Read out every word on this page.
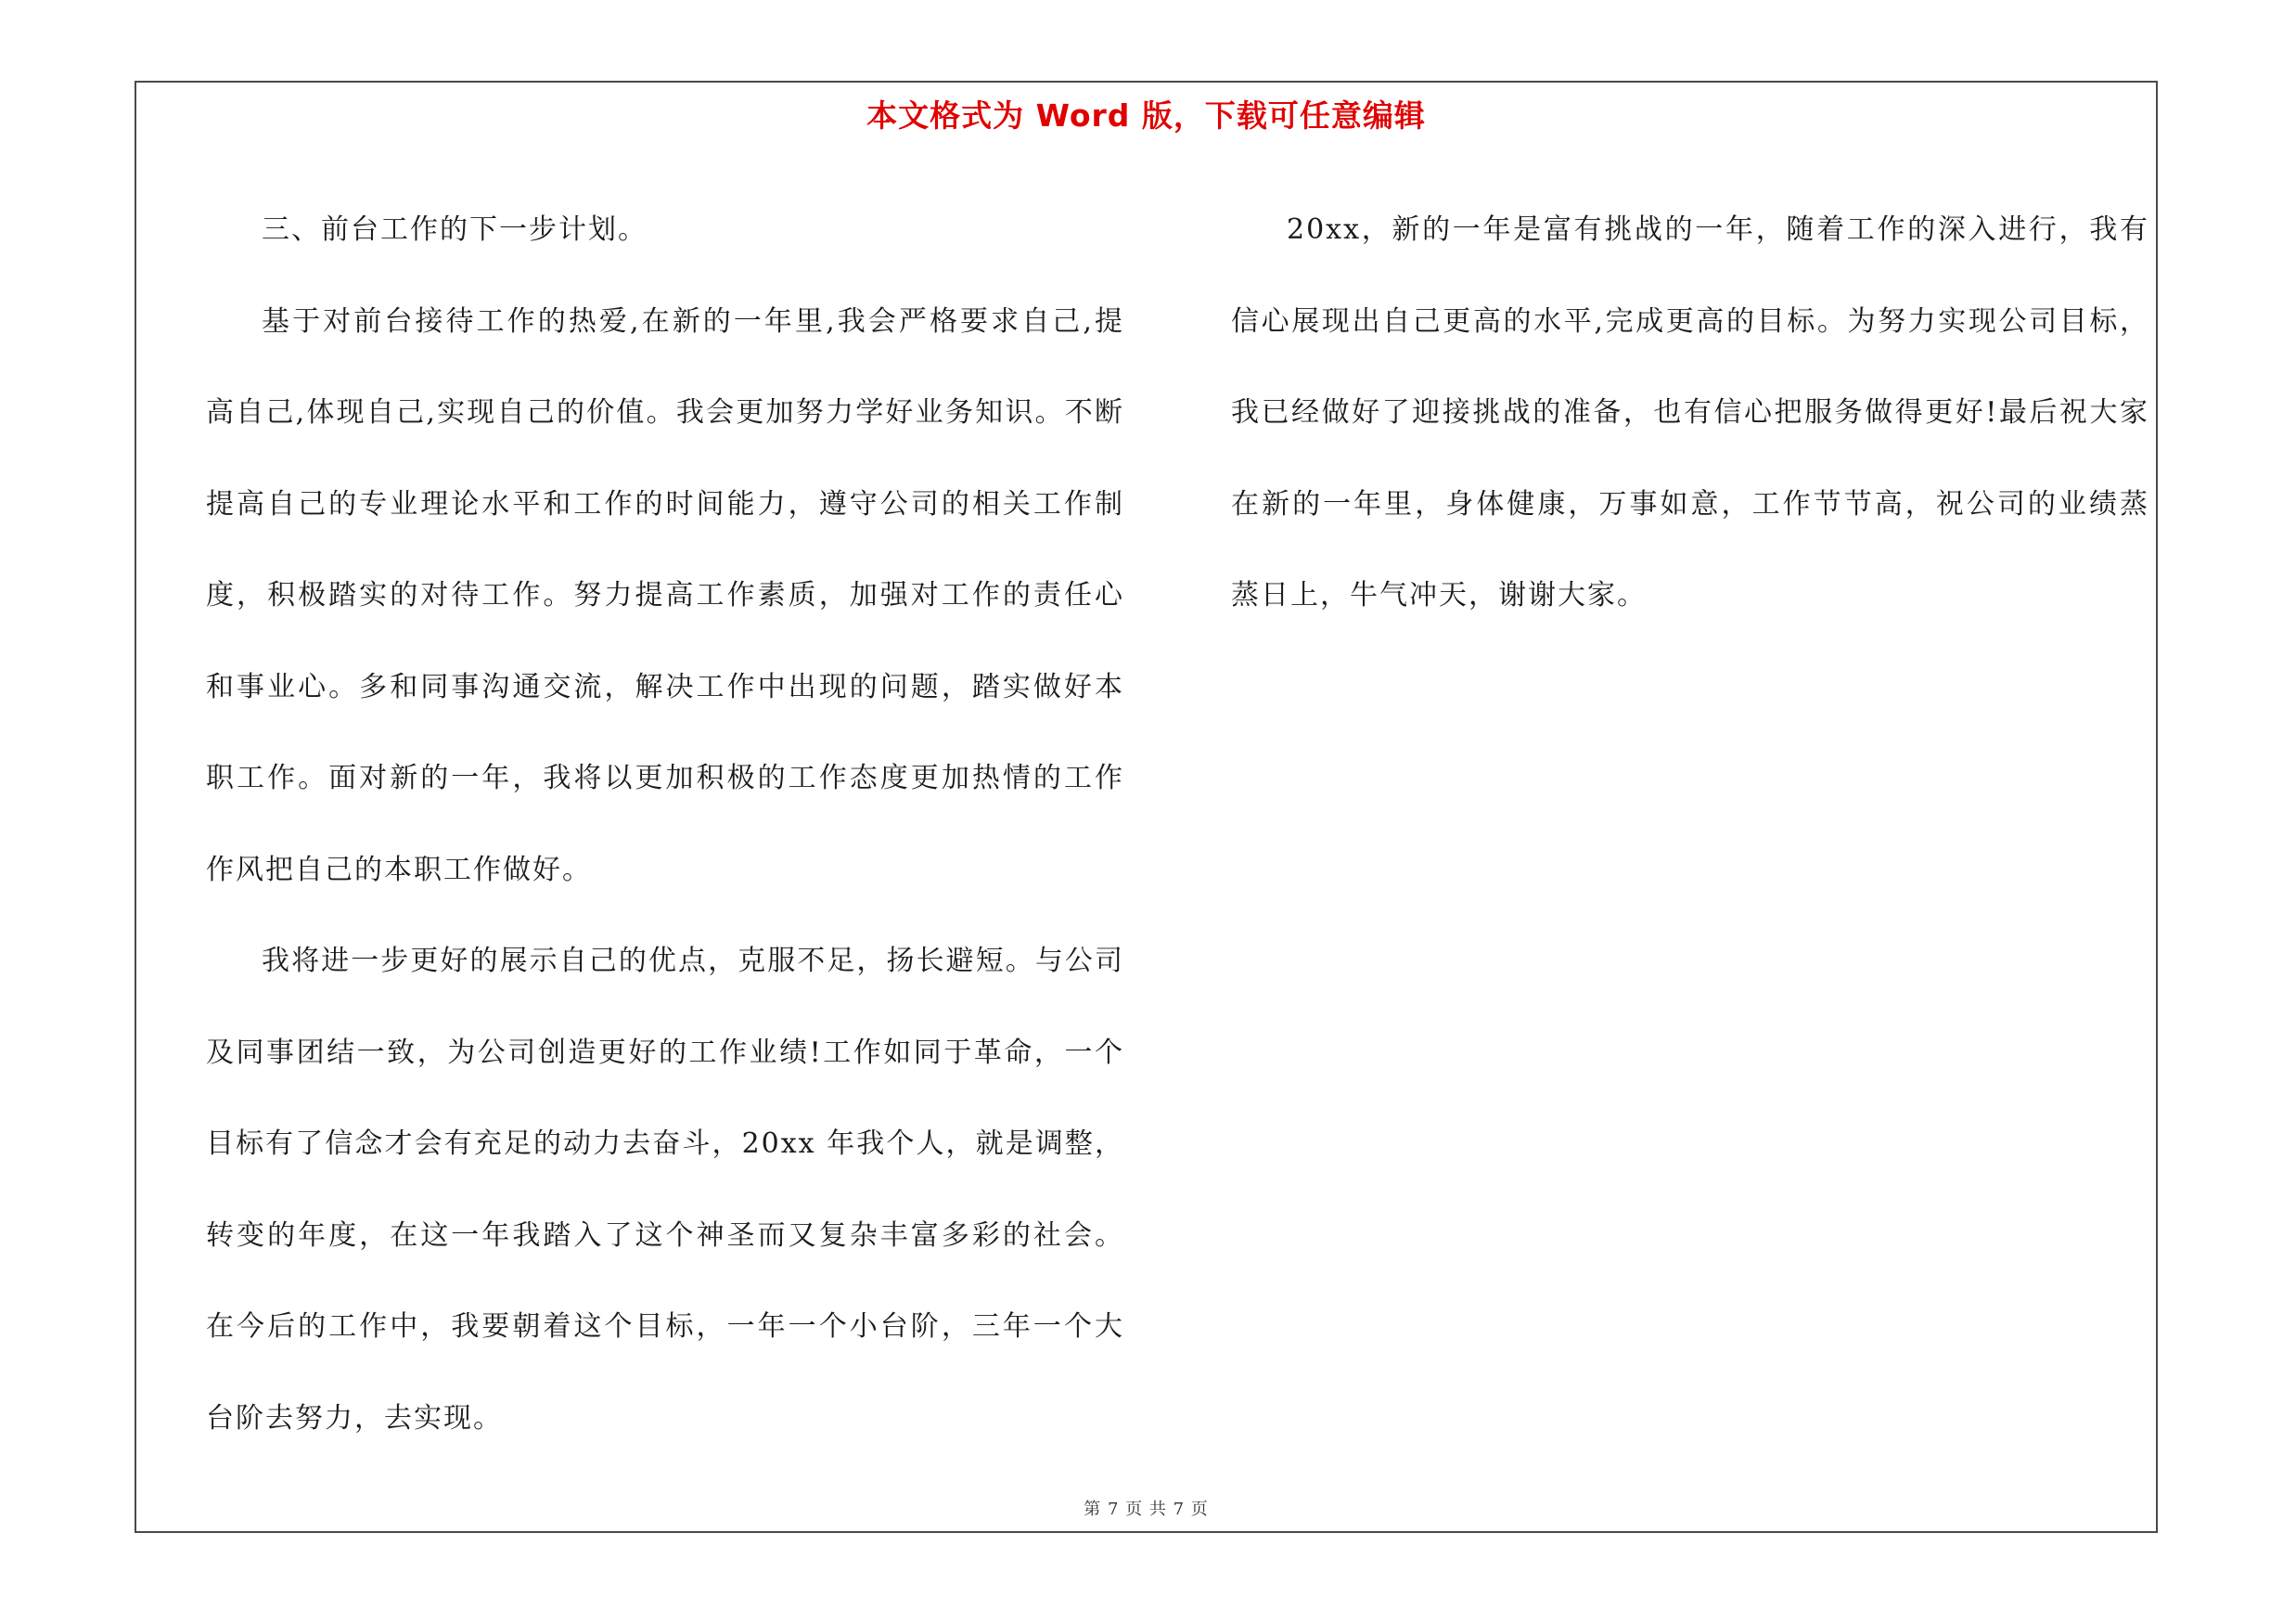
本文格式为 Word 版，下载可任意编辑

三、前台工作的下一步计划。

基于对前台接待工作的热爱,在新的一年里,我会严格要求自己,提高自己,体现自己,实现自己的价值。我会更加努力学好业务知识。不断提高自己的专业理论水平和工作的时间能力，遵守公司的相关工作制度，积极踏实的对待工作。努力提高工作素质，加强对工作的责任心和事业心。多和同事沟通交流，解决工作中出现的问题，踏实做好本职工作。面对新的一年，我将以更加积极的工作态度更加热情的工作作风把自己的本职工作做好。

我将进一步更好的展示自己的优点，克服不足，扬长避短。与公司及同事团结一致，为公司创造更好的工作业绩!工作如同于革命，一个目标有了信念才会有充足的动力去奋斗，20xx 年我个人，就是调整，转变的年度，在这一年我踏入了这个神圣而又复杂丰富多彩的社会。在今后的工作中，我要朝着这个目标，一年一个小台阶，三年一个大台阶去努力，去实现。

20xx，新的一年是富有挑战的一年，随着工作的深入进行，我有信心展现出自己更高的水平,完成更高的目标。为努力实现公司目标，我已经做好了迎接挑战的准备，也有信心把服务做得更好!最后祝大家在新的一年里，身体健康，万事如意，工作节节高，祝公司的业绩蒸蒸日上，牛气冲天，谢谢大家。

第 7 页 共 7 页
